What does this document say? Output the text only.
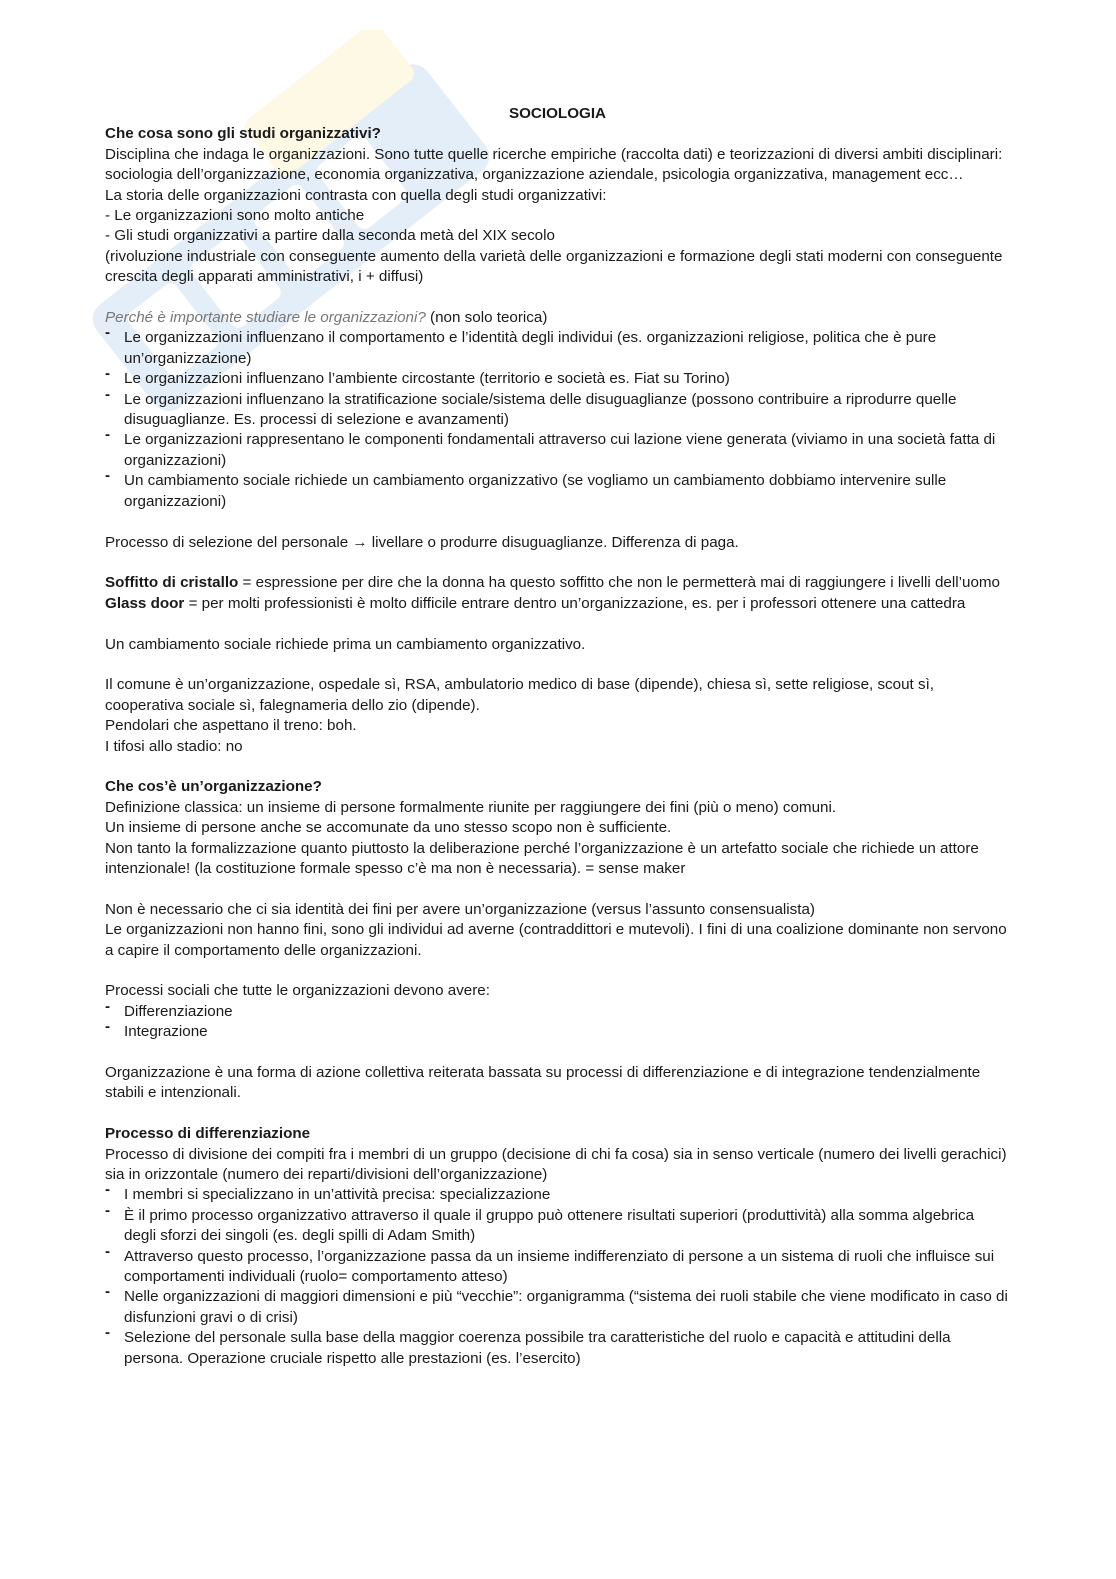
SOCIOLOGIA

Che cosa sono gli studi organizzativi?

Disciplina che indaga le organizzazioni. Sono tutte quelle ricerche empiriche (raccolta dati) e teorizzazioni di diversi ambiti disciplinari: sociologia dell’organizzazione, economia organizzativa, organizzazione aziendale, psicologia organizzativa, management ecc…

La storia delle organizzazioni contrasta con quella degli studi organizzativi:

- Le organizzazioni sono molto antiche

- Gli studi organizzativi a partire dalla seconda metà del XIX secolo

(rivoluzione industriale con conseguente aumento della varietà delle organizzazioni e formazione degli stati moderni con conseguente crescita degli apparati amministrativi, i + diffusi)

Perché è importante studiare le organizzazioni? (non solo teorica)

- Le organizzazioni influenzano il comportamento e l’identità degli individui (es. organizzazioni religiose, politica che è pure un’organizzazione)
- Le organizzazioni influenzano l’ambiente circostante (territorio e società es. Fiat su Torino)
- Le organizzazioni influenzano la stratificazione sociale/sistema delle disuguaglianze (possono contribuire a riprodurre quelle disuguaglianze. Es. processi di selezione e avanzamenti)
- Le organizzazioni rappresentano le componenti fondamentali attraverso cui lazione viene generata (viviamo in una società fatta di organizzazioni)
- Un cambiamento sociale richiede un cambiamento organizzativo (se vogliamo un cambiamento dobbiamo intervenire sulle organizzazioni)

Processo di selezione del personale → livellare o produrre disuguaglianze. Differenza di paga.

Soffitto di cristallo = espressione per dire che la donna ha questo soffitto che non le permetterà mai di raggiungere i livelli dell’uomo

Glass door = per molti professionisti è molto difficile entrare dentro un’organizzazione, es. per i professori ottenere una cattedra

Un cambiamento sociale richiede prima un cambiamento organizzativo.

Il comune è un’organizzazione, ospedale sì, RSA, ambulatorio medico di base (dipende), chiesa sì, sette religiose, scout sì, cooperativa sociale sì, falegnameria dello zio (dipende).

Pendolari che aspettano il treno: boh.

I tifosi allo stadio: no

Che cos’è un’organizzazione?

Definizione classica: un insieme di persone formalmente riunite per raggiungere dei fini (più o meno) comuni.

Un insieme di persone anche se accomunate da uno stesso scopo non è sufficiente.

Non tanto la formalizzazione quanto piuttosto la deliberazione perché l’organizzazione è un artefatto sociale che richiede un attore intenzionale! (la costituzione formale spesso c’è ma non è necessaria). = sense maker

Non è necessario che ci sia identità dei fini per avere un’organizzazione (versus l’assunto consensualista)

Le organizzazioni non hanno fini, sono gli individui ad averne (contraddittori e mutevoli). I fini di una coalizione dominante non servono a capire il comportamento delle organizzazioni.

Processi sociali che tutte le organizzazioni devono avere:

- Differenziazione
- Integrazione

Organizzazione è una forma di azione collettiva reiterata bassata su processi di differenziazione e di integrazione tendenzialmente stabili e intenzionali.

Processo di differenziazione

Processo di divisione dei compiti fra i membri di un gruppo (decisione di chi fa cosa) sia in senso verticale (numero dei livelli gerachici) sia in orizzontale (numero dei reparti/divisioni dell’organizzazione)

- I membri si specializzano in un’attività precisa: specializzazione
- È il primo processo organizzativo attraverso il quale il gruppo può ottenere risultati superiori (produttività) alla somma algebrica degli sforzi dei singoli (es. degli spilli di Adam Smith)
- Attraverso questo processo, l’organizzazione passa da un insieme indifferenziato di persone a un sistema di ruoli che influisce sui comportamenti individuali (ruolo= comportamento atteso)
- Nelle organizzazioni di maggiori dimensioni e più “vecchie”: organigramma (“sistema dei ruoli stabile che viene modificato in caso di disfunzioni gravi o di crisi)
- Selezione del personale sulla base della maggior coerenza possibile tra caratteristiche del ruolo e capacità e attitudini della persona. Operazione cruciale rispetto alle prestazioni (es. l’esercito)
